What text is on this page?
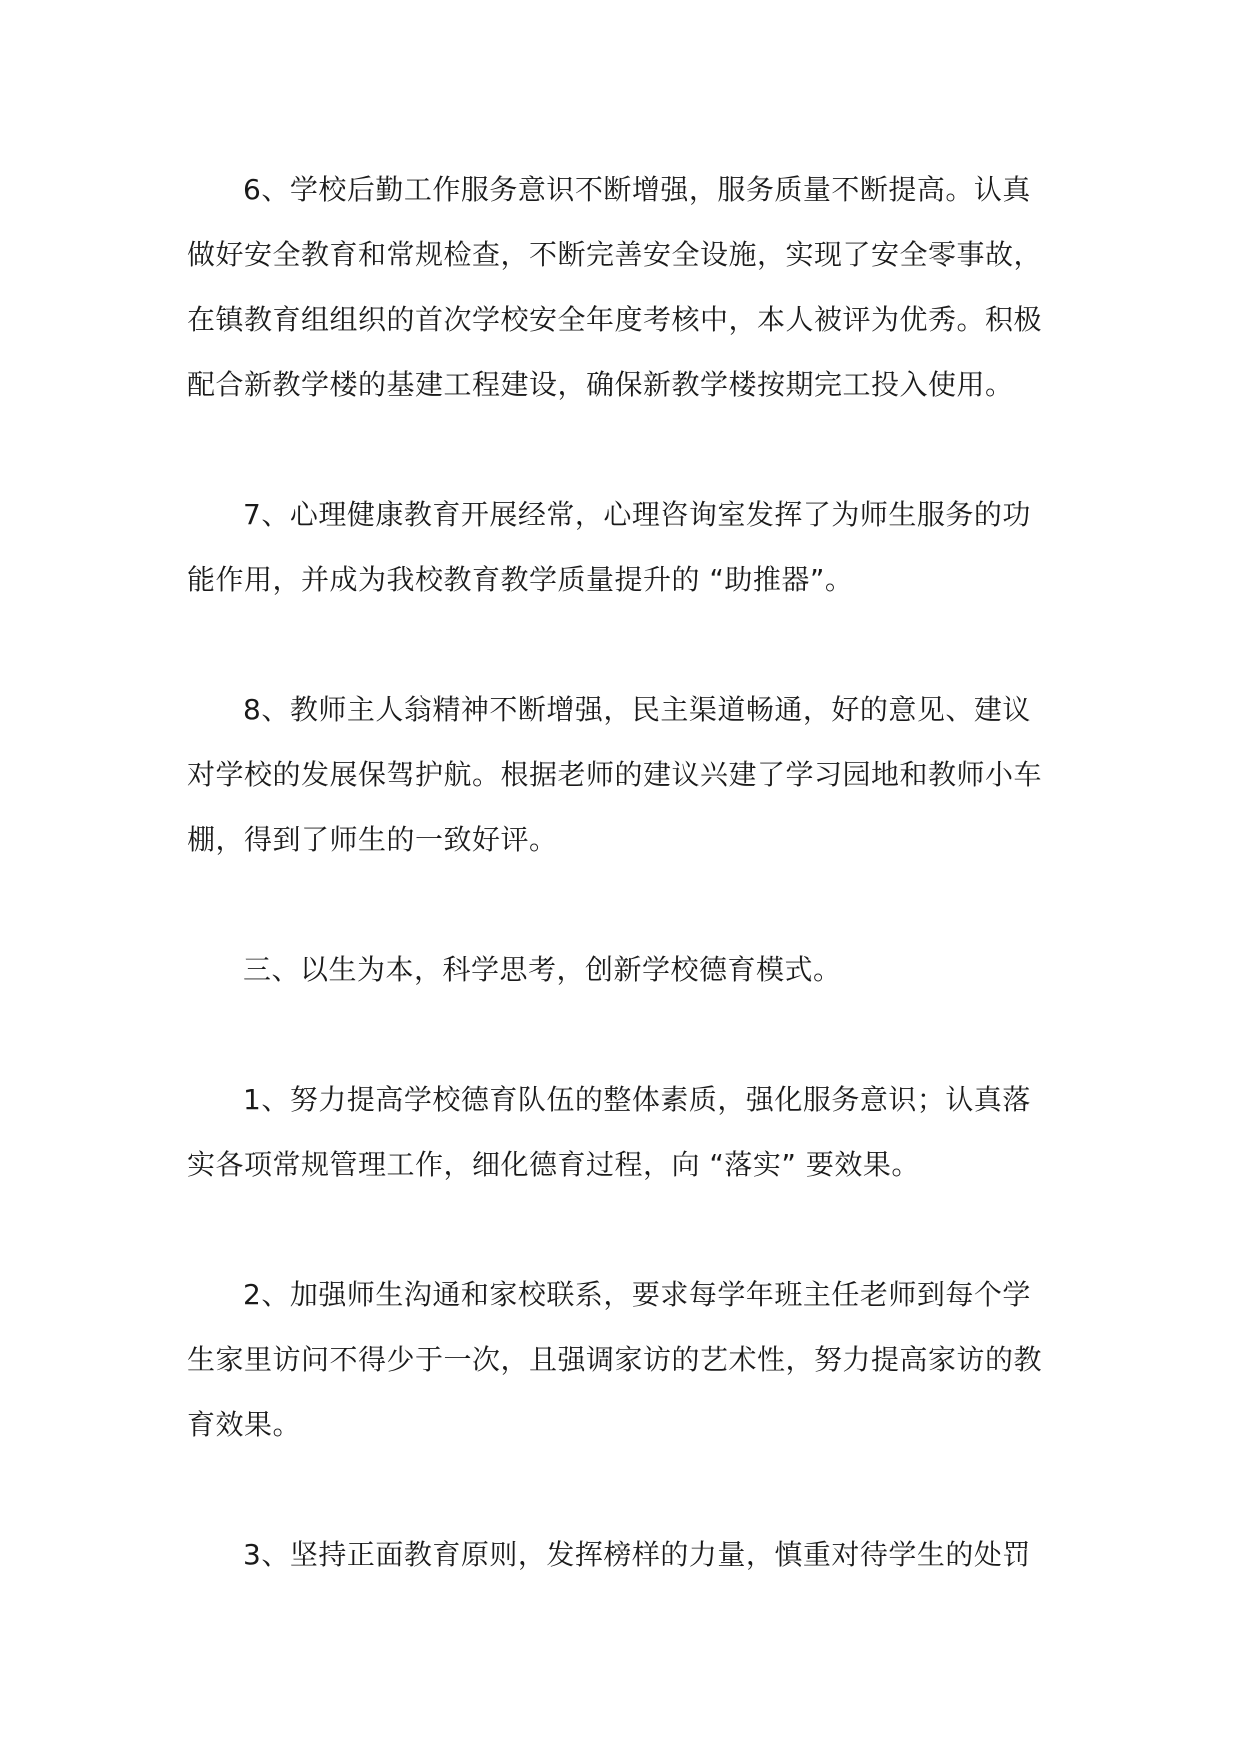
6、学校后勤工作服务意识不断增强，服务质量不断提高。认真做好安全教育和常规检查，不断完善安全设施，实现了安全零事故，在镇教育组组织的首次学校安全年度考核中，本人被评为优秀。积极配合新教学楼的基建工程建设，确保新教学楼按期完工投入使用。

7、心理健康教育开展经常，心理咨询室发挥了为师生服务的功能作用，并成为我校教育教学质量提升的 “助推器”。

8、教师主人翁精神不断增强，民主渠道畅通，好的意见、建议对学校的发展保驾护航。根据老师的建议兴建了学习园地和教师小车棚，得到了师生的一致好评。

三、以生为本，科学思考，创新学校德育模式。

1、努力提高学校德育队伍的整体素质，强化服务意识；认真落实各项常规管理工作，细化德育过程，向 “落实” 要效果。

2、加强师生沟通和家校联系，要求每学年班主任老师到每个学生家里访问不得少于一次，且强调家访的艺术性，努力提高家访的教育效果。

3、坚持正面教育原则，发挥榜样的力量，慎重对待学生的处罚
